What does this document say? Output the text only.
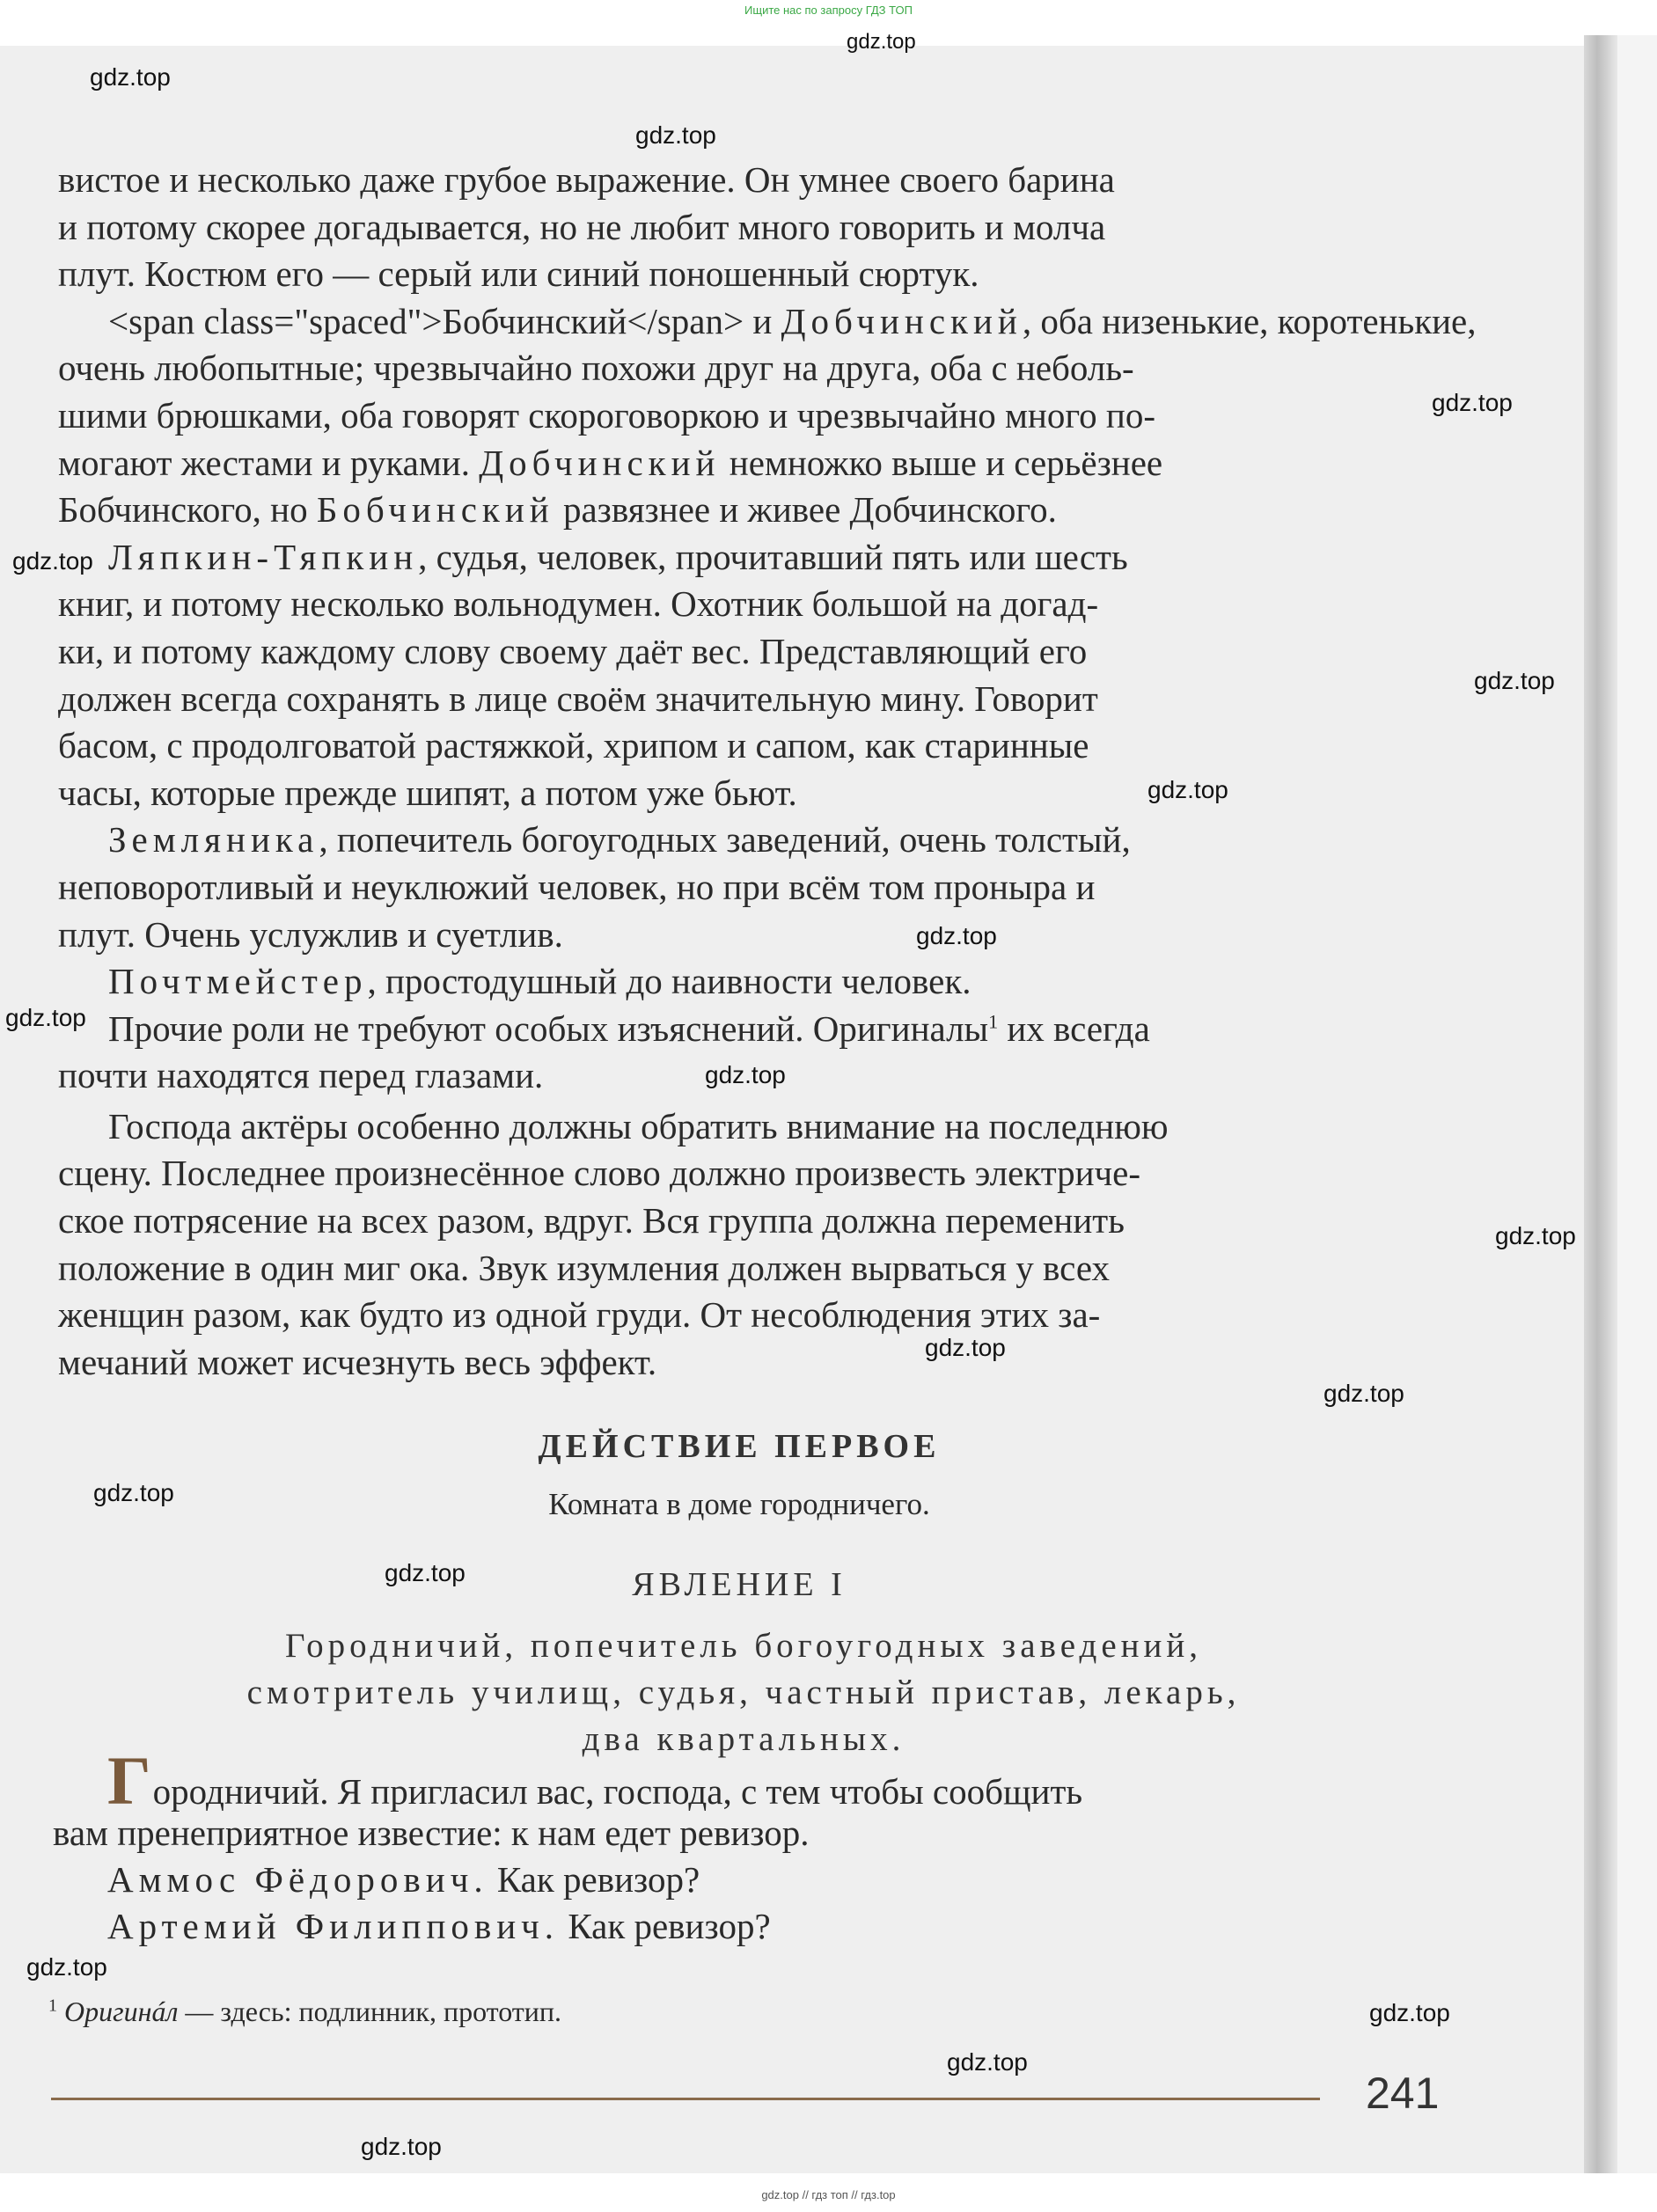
Ищите нас по запросу ГДЗ ТОП
вистое и несколько даже грубое выражение. Он умнее своего барина
и потому скорее догадывается, но не любит много говорить и молча
плут. Костюм его — серый или синий поношенный сюртук.
<span class="spaced">Бобчинский</span> и Добчинский, оба низенькие, коротенькие,
очень любопытные; чрезвычайно похожи друг на друга, оба с неболь-
шими брюшками, оба говорят скороговоркою и чрезвычайно много по-
могают жестами и руками. Добчинский немножко выше и серьёзнее
Бобчинского, но Бобчинский развязнее и живее Добчинского.
Ляпкин-Тяпкин, судья, человек, прочитавший пять или шесть
книг, и потому несколько вольнодумен. Охотник большой на догад-
ки, и потому каждому слову своему даёт вес. Представляющий его
должен всегда сохранять в лице своём значительную мину. Говорит
басом, с продолговатой растяжкой, хрипом и сапом, как старинные
часы, которые прежде шипят, а потом уже бьют.
Земляника, попечитель богоугодных заведений, очень толстый,
неповоротливый и неуклюжий человек, но при всём том проныра и
плут. Очень услужлив и суетлив.
Почтмейстер, простодушный до наивности человек.
Прочие роли не требуют особых изъяснений. Оригиналы$^1$ их всегда
почти находятся перед глазами.
Господа актёры особенно должны обратить внимание на последнюю
сцену. Последнее произнесённое слово должно произвесть электриче-
ское потрясение на всех разом, вдруг. Вся группа должна переменить
положение в один миг ока. Звук изумления должен вырваться у всех
женщин разом, как будто из одной груди. От несоблюдения этих за-
мечаний может исчезнуть весь эффект.
ДЕЙСТВИЕ ПЕРВОЕ
Комната в доме городничего.
ЯВЛЕНИЕ I
Городничий, попечитель богоугодных заведений,
смотритель училищ, судья, частный пристав, лекарь,
два квартальных.
Городничий. Я пригласил вас, господа, с тем чтобы сообщить
вам пренеприятное известие: к нам едет ревизор.
Аммос Фёдорович. Как ревизор?
Артемий Филиппович. Как ревизор?
$^1$ Оригинáл — здесь: подлинник, прототип.
241
gdz.top
gdz.top
gdz.top
gdz.top
gdz.top
gdz.top
gdz.top
gdz.top
gdz.top
gdz.top
gdz.top
gdz.top
gdz.top
gdz.top
gdz.top
gdz.top
gdz.top
gdz.top
gdz.top
gdz.top // гдз топ // гдз.top
